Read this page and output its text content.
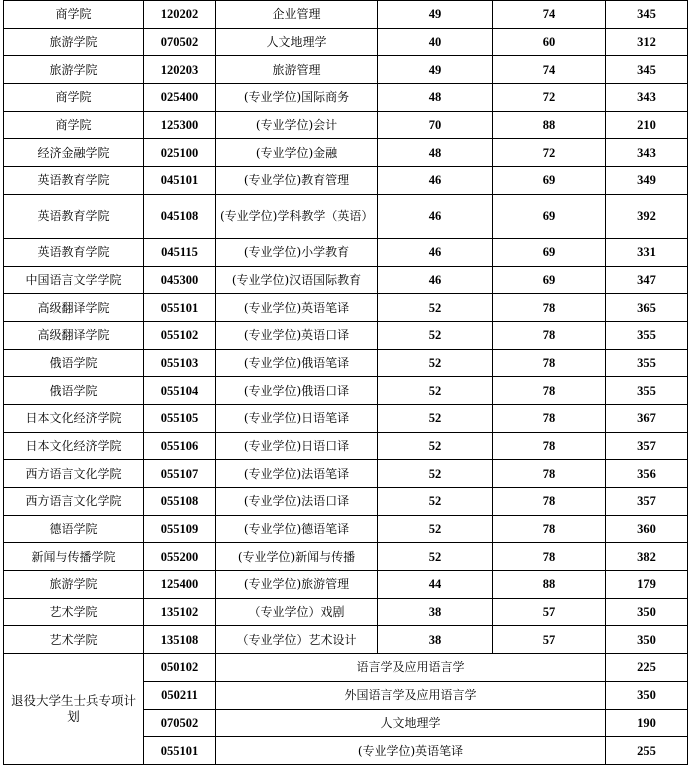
商学院	120202	企业管理	49	74	345
旅游学院	070502	人文地理学	40	60	312
旅游学院	120203	旅游管理	49	74	345
商学院	025400	(专业学位)国际商务	48	72	343
商学院	125300	(专业学位)会计	70	88	210
经济金融学院	025100	(专业学位)金融	48	72	343
英语教育学院	045101	(专业学位)教育管理	46	69	349
英语教育学院	045108	(专业学位)学科教学（英语）	46	69	392
英语教育学院	045115	(专业学位)小学教育	46	69	331
中国语言文学学院	045300	(专业学位)汉语国际教育	46	69	347
高级翻译学院	055101	(专业学位)英语笔译	52	78	365
高级翻译学院	055102	(专业学位)英语口译	52	78	355
俄语学院	055103	(专业学位)俄语笔译	52	78	355
俄语学院	055104	(专业学位)俄语口译	52	78	355
日本文化经济学院	055105	(专业学位)日语笔译	52	78	367
日本文化经济学院	055106	(专业学位)日语口译	52	78	357
西方语言文化学院	055107	(专业学位)法语笔译	52	78	356
西方语言文化学院	055108	(专业学位)法语口译	52	78	357
德语学院	055109	(专业学位)德语笔译	52	78	360
新闻与传播学院	055200	(专业学位)新闻与传播	52	78	382
旅游学院	125400	(专业学位)旅游管理	44	88	179
艺术学院	135102	（专业学位）戏剧	38	57	350
艺术学院	135108	（专业学位）艺术设计	38	57	350
退役大学生士兵专项计划	050102	语言学及应用语言学			225
	050211	外国语言学及应用语言学			350
	070502	人文地理学			190
	055101	(专业学位)英语笔译			255
